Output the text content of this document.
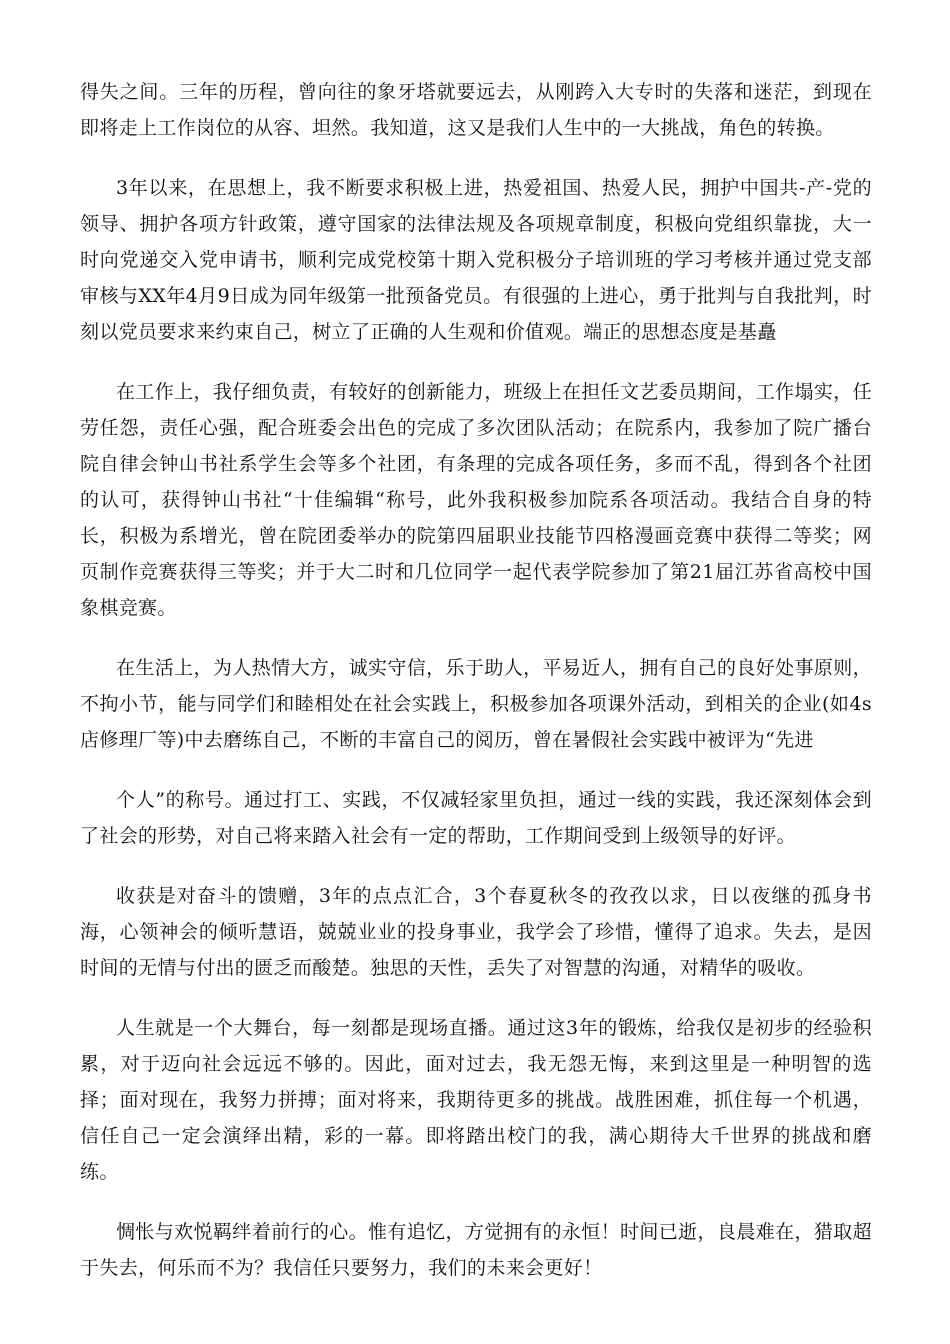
得失之间。三年的历程，曾向往的象牙塔就要远去，从刚跨入大专时的失落和迷茫，到现在即将走上工作岗位的从容、坦然。我知道，这又是我们人生中的一大挑战，角色的转换。

3年以来，在思想上，我不断要求积极上进，热爱祖国、热爱人民，拥护中国共-产-党的领导、拥护各项方针政策，遵守国家的法律法规及各项规章制度，积极向党组织靠拢，大一时向党递交入党申请书，顺利完成党校第十期入党积极分子培训班的学习考核并通过党支部审核与XX年4月9日成为同年级第一批预备党员。有很强的上进心，勇于批判与自我批判，时刻以党员要求来约束自己，树立了正确的人生观和价值观。端正的思想态度是基矗

在工作上，我仔细负责，有较好的创新能力，班级上在担任文艺委员期间，工作塌实，任劳任怨，责任心强，配合班委会出色的完成了多次团队活动；在院系内，我参加了院广播台院自律会钟山书社系学生会等多个社团，有条理的完成各项任务，多而不乱，得到各个社团的认可，获得钟山书社“十佳编辑“称号，此外我积极参加院系各项活动。我结合自身的特长，积极为系增光，曾在院团委举办的院第四届职业技能节四格漫画竞赛中获得二等奖；网页制作竞赛获得三等奖；并于大二时和几位同学一起代表学院参加了第21届江苏省高校中国象棋竞赛。

在生活上，为人热情大方，诚实守信，乐于助人，平易近人，拥有自己的良好处事原则，不拘小节，能与同学们和睦相处在社会实践上，积极参加各项课外活动，到相关的企业(如4s店修理厂等)中去磨练自己，不断的丰富自己的阅历，曾在暑假社会实践中被评为“先进

个人”的称号。通过打工、实践，不仅减轻家里负担，通过一线的实践，我还深刻体会到了社会的形势，对自己将来踏入社会有一定的帮助，工作期间受到上级领导的好评。

收获是对奋斗的馈赠，3年的点点汇合，3个春夏秋冬的孜孜以求，日以夜继的孤身书海，心领神会的倾听慧语，兢兢业业的投身事业，我学会了珍惜，懂得了追求。失去，是因时间的无情与付出的匮乏而酸楚。独思的天性，丢失了对智慧的沟通，对精华的吸收。

人生就是一个大舞台，每一刻都是现场直播。通过这3年的锻炼，给我仅是初步的经验积累，对于迈向社会远远不够的。因此，面对过去，我无怨无悔，来到这里是一种明智的选择；面对现在，我努力拼搏；面对将来，我期待更多的挑战。战胜困难，抓住每一个机遇，信任自己一定会演绎出精，彩的一幕。即将踏出校门的我，满心期待大千世界的挑战和磨练。

惆怅与欢悦羁绊着前行的心。惟有追忆，方觉拥有的永恒！时间已逝，良晨难在，猎取超于失去，何乐而不为？我信任只要努力，我们的未来会更好！
